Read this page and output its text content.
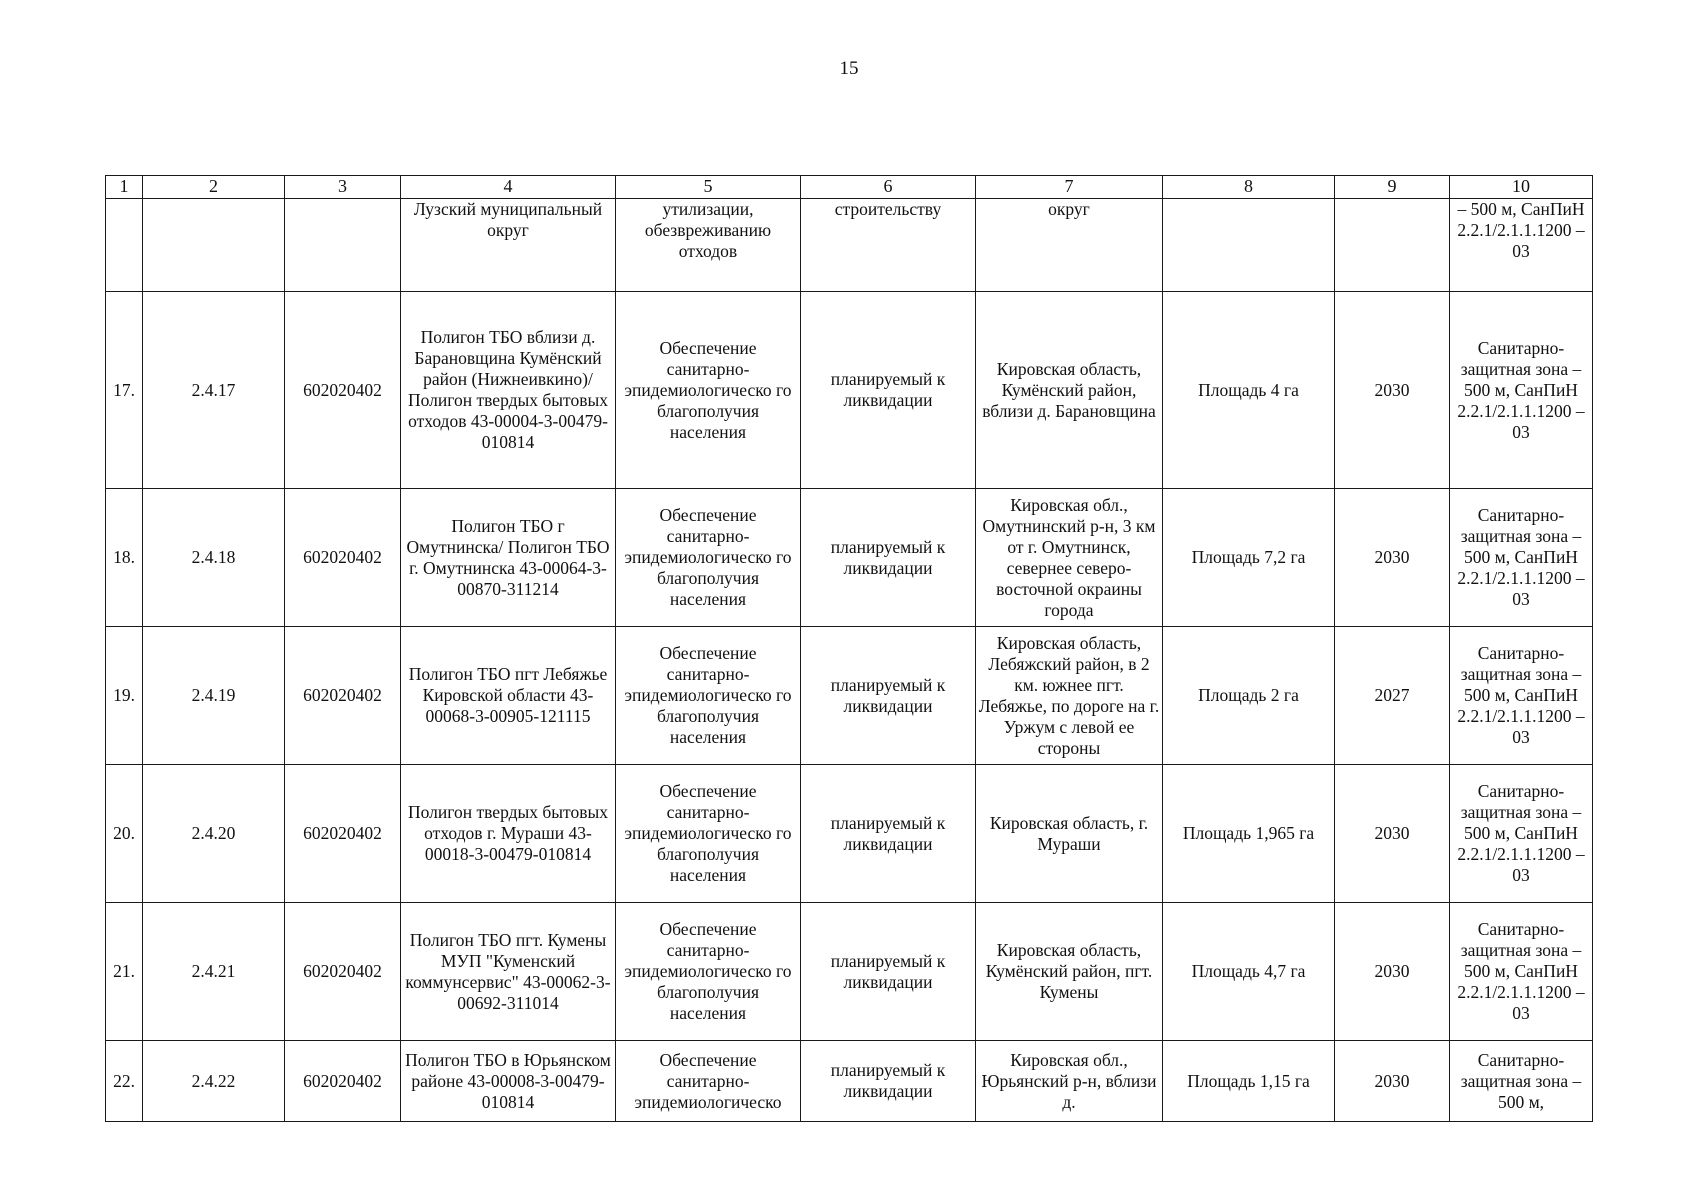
15
1	2	3	4	5	6	7	8	9	10
			Лузский муниципальный округ	утилизации, обезвреживанию отходов	строительству	округ			– 500 м, СанПиН 2.2.1/2.1.1.1200 – 03
17.	2.4.17	602020402	Полигон ТБО вблизи д. Барановщина Кумёнский район (Нижнеивкино)/ Полигон твердых бытовых отходов 43-00004-3-00479-010814	Обеспечение санитарно-эпидемиологическо го благополучия населения	планируемый к ликвидации	Кировская область, Кумёнский район, вблизи д. Барановщина	Площадь 4 га	2030	Санитарно-защитная зона – 500 м, СанПиН 2.2.1/2.1.1.1200 – 03
18.	2.4.18	602020402	Полигон ТБО г Омутнинска/ Полигон ТБО г. Омутнинска 43-00064-3-00870-311214	Обеспечение санитарно-эпидемиологическо го благополучия населения	планируемый к ликвидации	Кировская обл., Омутнинский р-н, 3 км от г. Омутнинск, севернее северо-восточной окраины города	Площадь 7,2 га	2030	Санитарно-защитная зона – 500 м, СанПиН 2.2.1/2.1.1.1200 – 03
19.	2.4.19	602020402	Полигон ТБО пгт Лебяжье Кировской области 43-00068-3-00905-121115	Обеспечение санитарно-эпидемиологическо го благополучия населения	планируемый к ликвидации	Кировская область, Лебяжский район, в 2 км. южнее пгт. Лебяжье, по дороге на г. Уржум с левой ее стороны	Площадь 2 га	2027	Санитарно-защитная зона – 500 м, СанПиН 2.2.1/2.1.1.1200 – 03
20.	2.4.20	602020402	Полигон твердых бытовых отходов г. Мураши 43-00018-3-00479-010814	Обеспечение санитарно-эпидемиологическо го благополучия населения	планируемый к ликвидации	Кировская область, г. Мураши	Площадь 1,965 га	2030	Санитарно-защитная зона – 500 м, СанПиН 2.2.1/2.1.1.1200 – 03
21.	2.4.21	602020402	Полигон ТБО пгт. Кумены МУП "Куменский коммунсервис" 43-00062-3-00692-311014	Обеспечение санитарно-эпидемиологическо го благополучия населения	планируемый к ликвидации	Кировская область, Кумёнский район, пгт. Кумены	Площадь 4,7 га	2030	Санитарно-защитная зона – 500 м, СанПиН 2.2.1/2.1.1.1200 – 03
22.	2.4.22	602020402	Полигон ТБО в Юрьянском районе 43-00008-3-00479-010814	Обеспечение санитарно-эпидемиологическо	планируемый к ликвидации	Кировская обл., Юрьянский р-н, вблизи д.	Площадь 1,15 га	2030	Санитарно-защитная зона – 500 м,
